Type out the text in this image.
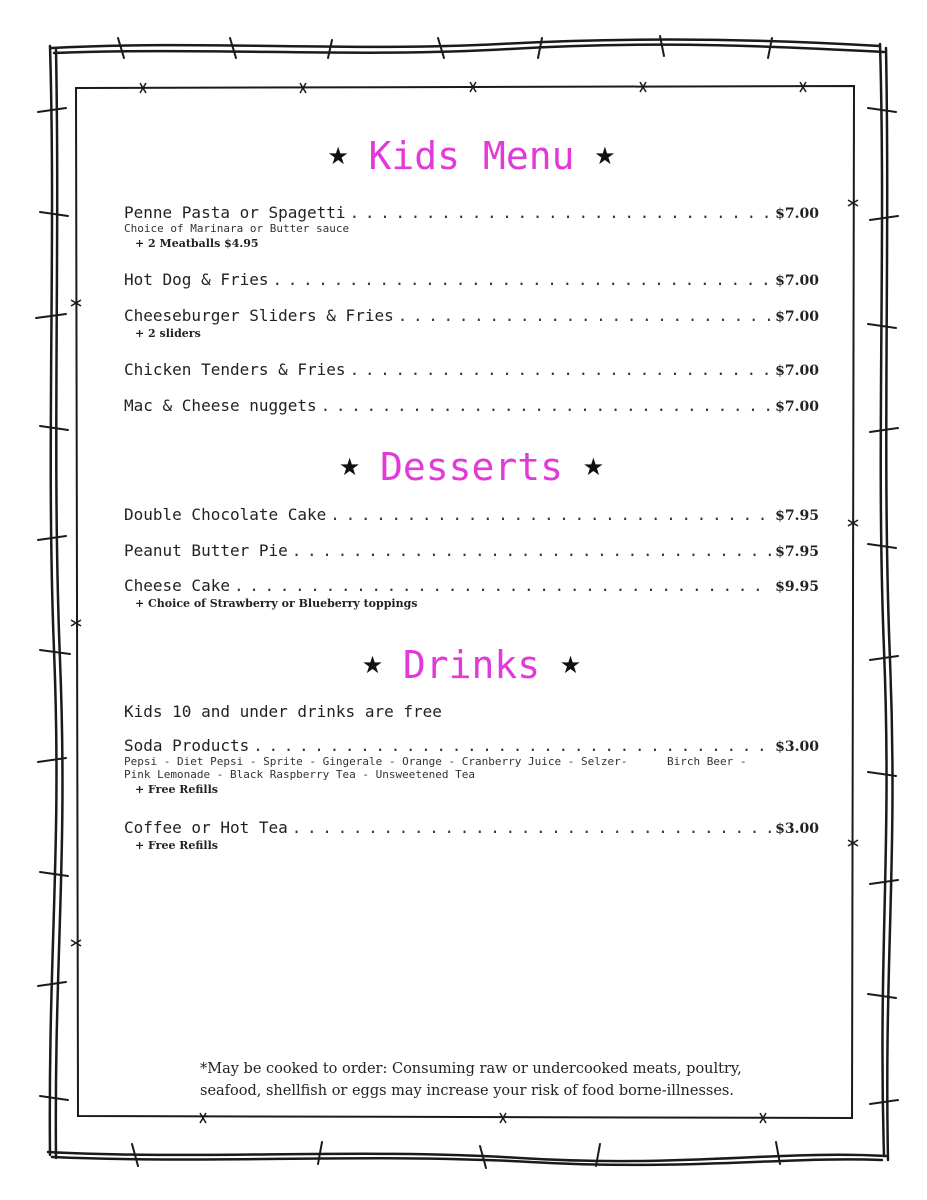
★ Kids Menu ★
Penne Pasta or Spagetti . . .	$7.00
Choice of Marinara or Butter sauce
+ 2 Meatballs $4.95
Hot Dog & Fries . . .	$7.00
Cheeseburger Sliders & Fries . . .	$7.00
+ 2 sliders
Chicken Tenders & Fries . . .	$7.00
Mac & Cheese nuggets . . .	$7.00
★ Desserts ★
Double Chocolate Cake . . .	$7.95
Peanut Butter Pie . . .	$7.95
Cheese Cake . . .	$9.95
+ Choice of Strawberry or Blueberry toppings
★ Drinks ★
Kids 10 and under drinks are free
Soda Products . . .	$3.00
Pepsi - Diet Pepsi - Sprite - Gingerale - Orange - Cranberry Juice - Selzer-      Birch Beer -
Pink Lemonade - Black Raspberry Tea - Unsweetened Tea
+ Free Refills
Coffee or Hot Tea . . .	$3.00
+ Free Refills
*May be cooked to order: Consuming raw or undercooked meats, poultry,
seafood, shellfish or eggs may increase your risk of food borne-illnesses.
